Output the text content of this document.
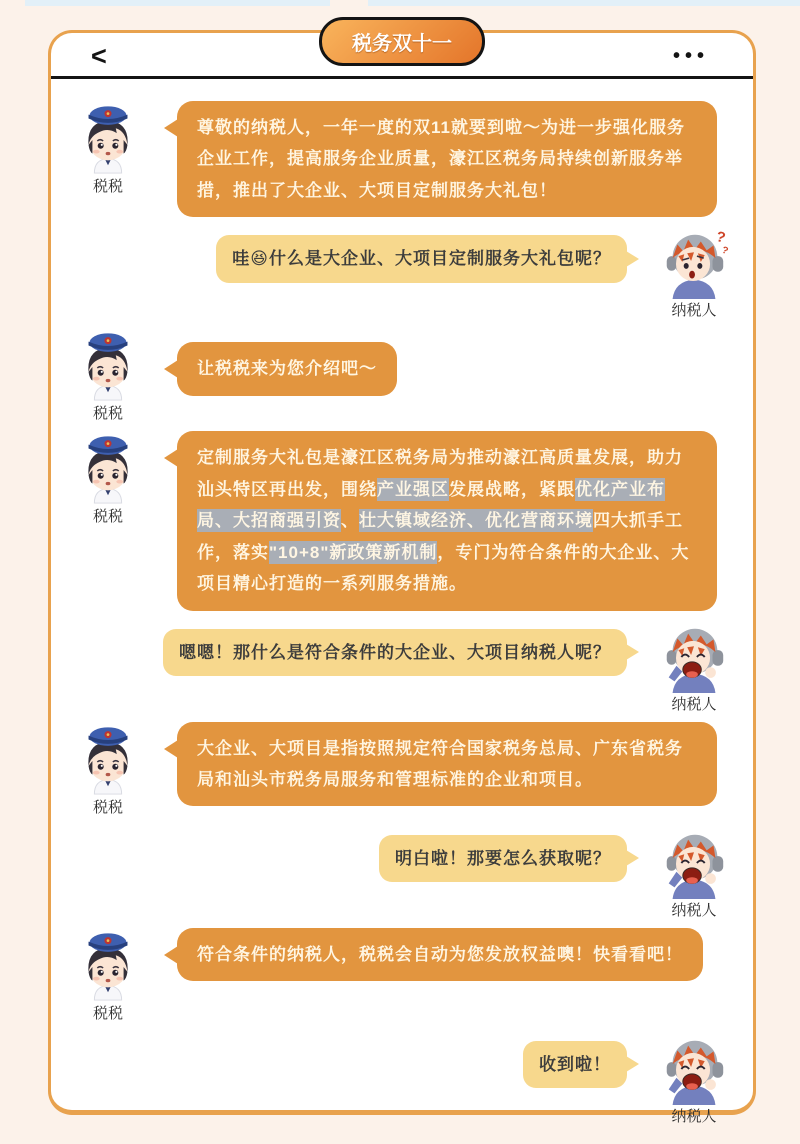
<	税务双十一
•••
税税
尊敬的纳税人，一年一度的双11就要到啦～为进一步强化服务企业工作，提高服务企业质量，濠江区税务局持续创新服务举措，推出了大企业、大项目定制服务大礼包！
哇😆什么是大企业、大项目定制服务大礼包呢？
?
?
纳税人
税税
让税税来为您介绍吧～
税税
定制服务大礼包是濠江区税务局为推动濠江高质量发展，助力汕头特区再出发，围绕产业强区发展战略，紧跟优化产业布局、大招商强引资、壮大镇域经济、优化营商环境四大抓手工作，落实"10+8"新政策新机制，专门为符合条件的大企业、大项目精心打造的一系列服务措施。
嗯嗯！那什么是符合条件的大企业、大项目纳税人呢？
纳税人
税税
大企业、大项目是指按照规定符合国家税务总局、广东省税务局和汕头市税务局服务和管理标准的企业和项目。
明白啦！那要怎么获取呢？
纳税人
税税
符合条件的纳税人，税税会自动为您发放权益噢！快看看吧！
收到啦！
纳税人
